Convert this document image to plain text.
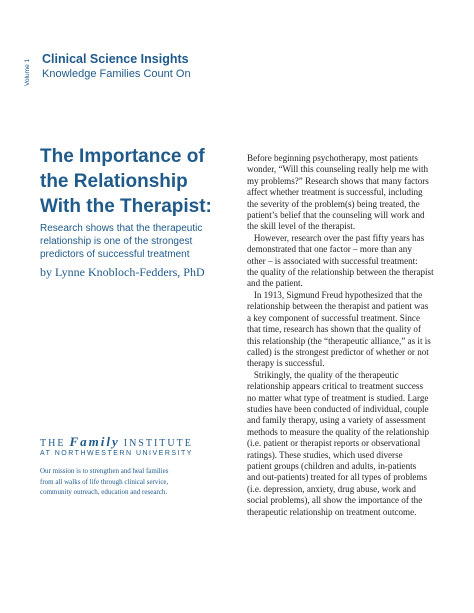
Volume 1 Clinical Science Insights
Knowledge Families Count On
The Importance of
the Relationship
With the Therapist:
Research shows that the therapeutic
relationship is one of the strongest
predictors of successful treatment
by Lynne Knobloch-Fedders, PhD
THE Family INSTITUTE
AT NORTHWESTERN UNIVERSITY
Our mission is to strengthen and heal families
from all walks of life through clinical service,
community outreach, education and research.
Before beginning psychotherapy, most patients
wonder, “Will this counseling really help me with
my problems?” Research shows that many factors
affect whether treatment is successful, including
the severity of the problem(s) being treated, the
patient’s belief that the counseling will work and
the skill level of the therapist.
However, research over the past fifty years has
demonstrated that one factor – more than any
other – is associated with successful treatment:
the quality of the relationship between the therapist
and the patient.
In 1913, Sigmund Freud hypothesized that the
relationship between the therapist and patient was
a key component of successful treatment. Since
that time, research has shown that the quality of
this relationship (the “therapeutic alliance,” as it is
called) is the strongest predictor of whether or not
therapy is successful.
Strikingly, the quality of the therapeutic
relationship appears critical to treatment success
no matter what type of treatment is studied. Large
studies have been conducted of individual, couple
and family therapy, using a variety of assessment
methods to measure the quality of the relationship
(i.e. patient or therapist reports or observational
ratings). These studies, which used diverse
patient groups (children and adults, in-patients
and out-patients) treated for all types of problems
(i.e. depression, anxiety, drug abuse, work and
social problems), all show the importance of the
therapeutic relationship on treatment outcome.
